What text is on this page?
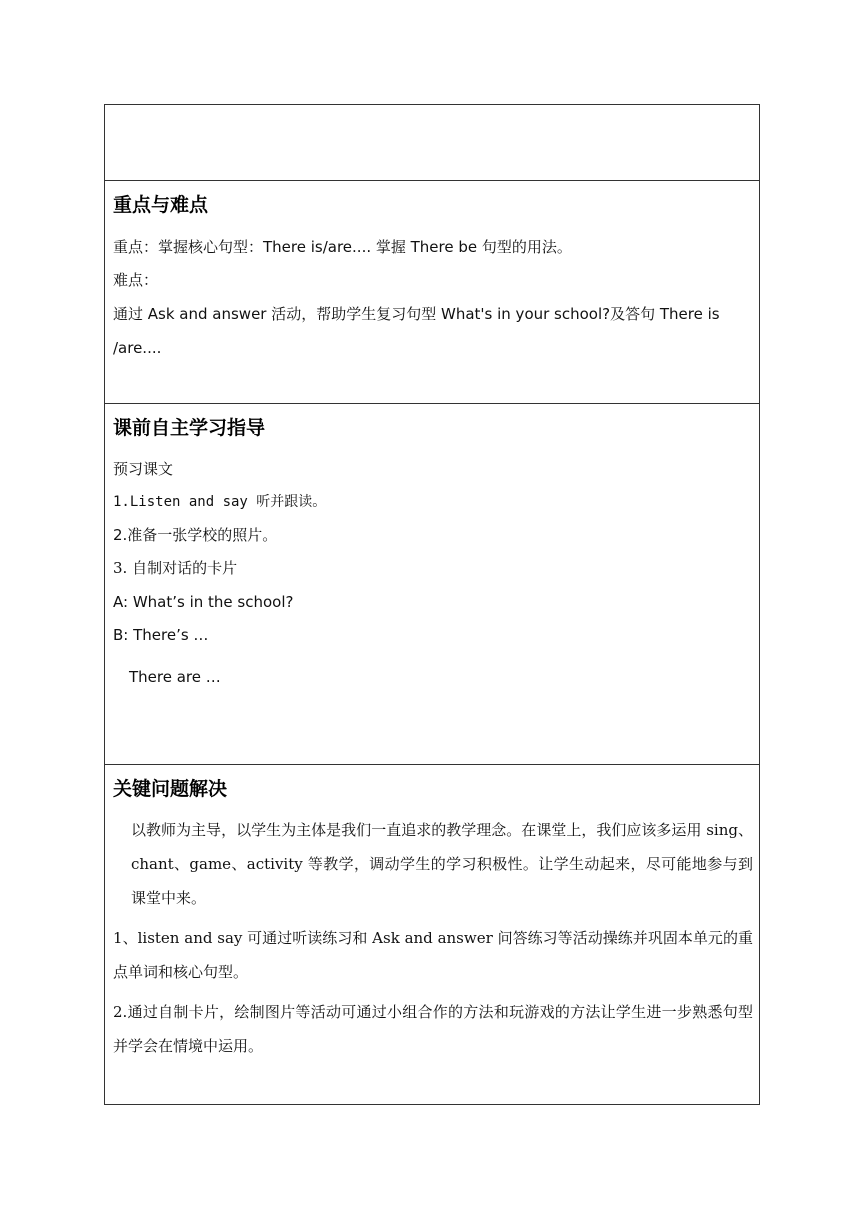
重点与难点
重点：掌握核心句型：There is/are.... 掌握 There be 句型的用法。
难点：
通过 Ask and answer 活动，帮助学生复习句型 What's in your school?及答句 There is
/are....
课前自主学习指导
预习课文
1.Listen and say 听并跟读。
2.准备一张学校的照片。
3. 自制对话的卡片
A: What’s in the school?
B: There’s …
There are …
关键问题解决
以教师为主导，以学生为主体是我们一直追求的教学理念。在课堂上，我们应该多运用 sing、chant、game、activity 等教学，调动学生的学习积极性。让学生动起来，尽可能地参与到课堂中来。
1、listen and say 可通过听读练习和 Ask and answer 问答练习等活动操练并巩固本单元的重点单词和核心句型。
2.通过自制卡片，绘制图片等活动可通过小组合作的方法和玩游戏的方法让学生进一步熟悉句型并学会在情境中运用。
